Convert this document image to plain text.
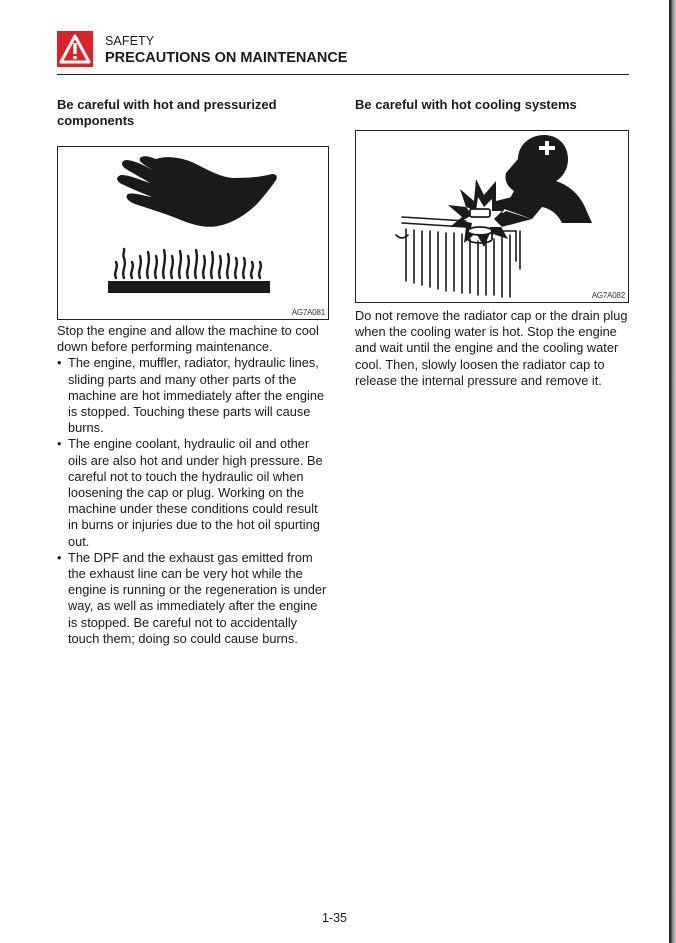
SAFETY
PRECAUTIONS ON MAINTENANCE
Be careful with hot and pressurized components
AG7A081

Stop the engine and allow the machine to cool down before performing maintenance.

• The engine, muffler, radiator, hydraulic lines, sliding parts and many other parts of the machine are hot immediately after the engine is stopped. Touching these parts will cause burns.
• The engine coolant, hydraulic oil and other oils are also hot and under high pressure. Be careful not to touch the hydraulic oil when loosening the cap or plug. Working on the machine under these conditions could result in burns or injuries due to the hot oil spurting out.
• The DPF and the exhaust gas emitted from the exhaust line can be very hot while the engine is running or the regeneration is under way, as well as immediately after the engine is stopped. Be careful not to accidentally touch them; doing so could cause burns.
Be careful with hot cooling systems
AG7A082

Do not remove the radiator cap or the drain plug when the cooling water is hot. Stop the engine and wait until the engine and the cooling water cool. Then, slowly loosen the radiator cap to release the internal pressure and remove it.

1-35
